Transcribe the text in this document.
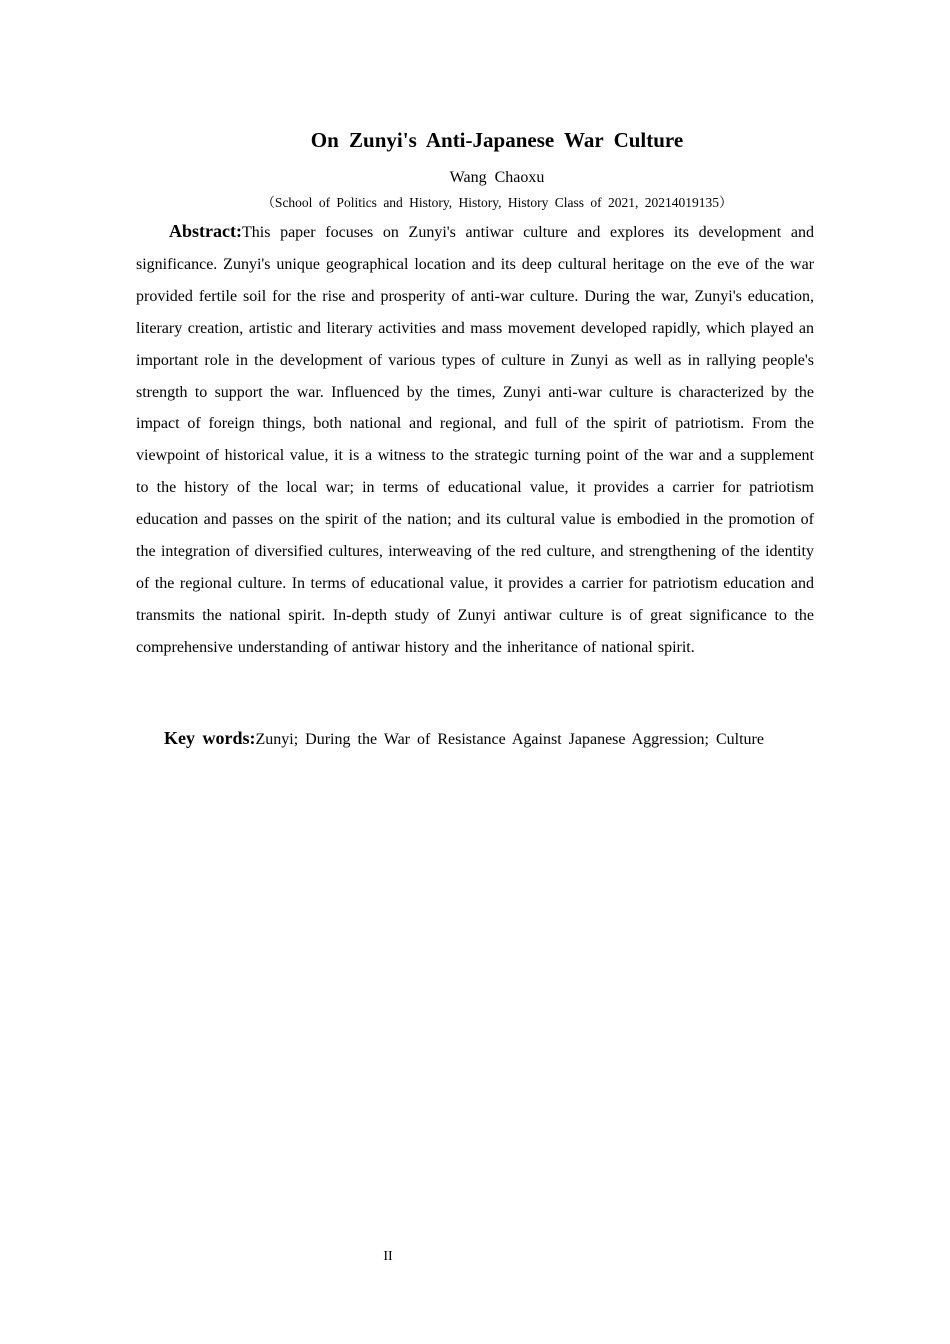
On Zunyi's Anti-Japanese War Culture
Wang Chaoxu
（School of Politics and History, History, History Class of 2021, 20214019135）

Abstract:This paper focuses on Zunyi's antiwar culture and explores its development and significance. Zunyi's unique geographical location and its deep cultural heritage on the eve of the war provided fertile soil for the rise and prosperity of anti-war culture. During the war, Zunyi's education, literary creation, artistic and literary activities and mass movement developed rapidly, which played an important role in the development of various types of culture in Zunyi as well as in rallying people's strength to support the war. Influenced by the times, Zunyi anti-war culture is characterized by the impact of foreign things, both national and regional, and full of the spirit of patriotism. From the viewpoint of historical value, it is a witness to the strategic turning point of the war and a supplement to the history of the local war; in terms of educational value, it provides a carrier for patriotism education and passes on the spirit of the nation; and its cultural value is embodied in the promotion of the integration of diversified cultures, interweaving of the red culture, and strengthening of the identity of the regional culture. In terms of educational value, it provides a carrier for patriotism education and transmits the national spirit. In-depth study of Zunyi antiwar culture is of great significance to the comprehensive understanding of antiwar history and the inheritance of national spirit.

Key words:Zunyi; During the War of Resistance Against Japanese Aggression; Culture

II
